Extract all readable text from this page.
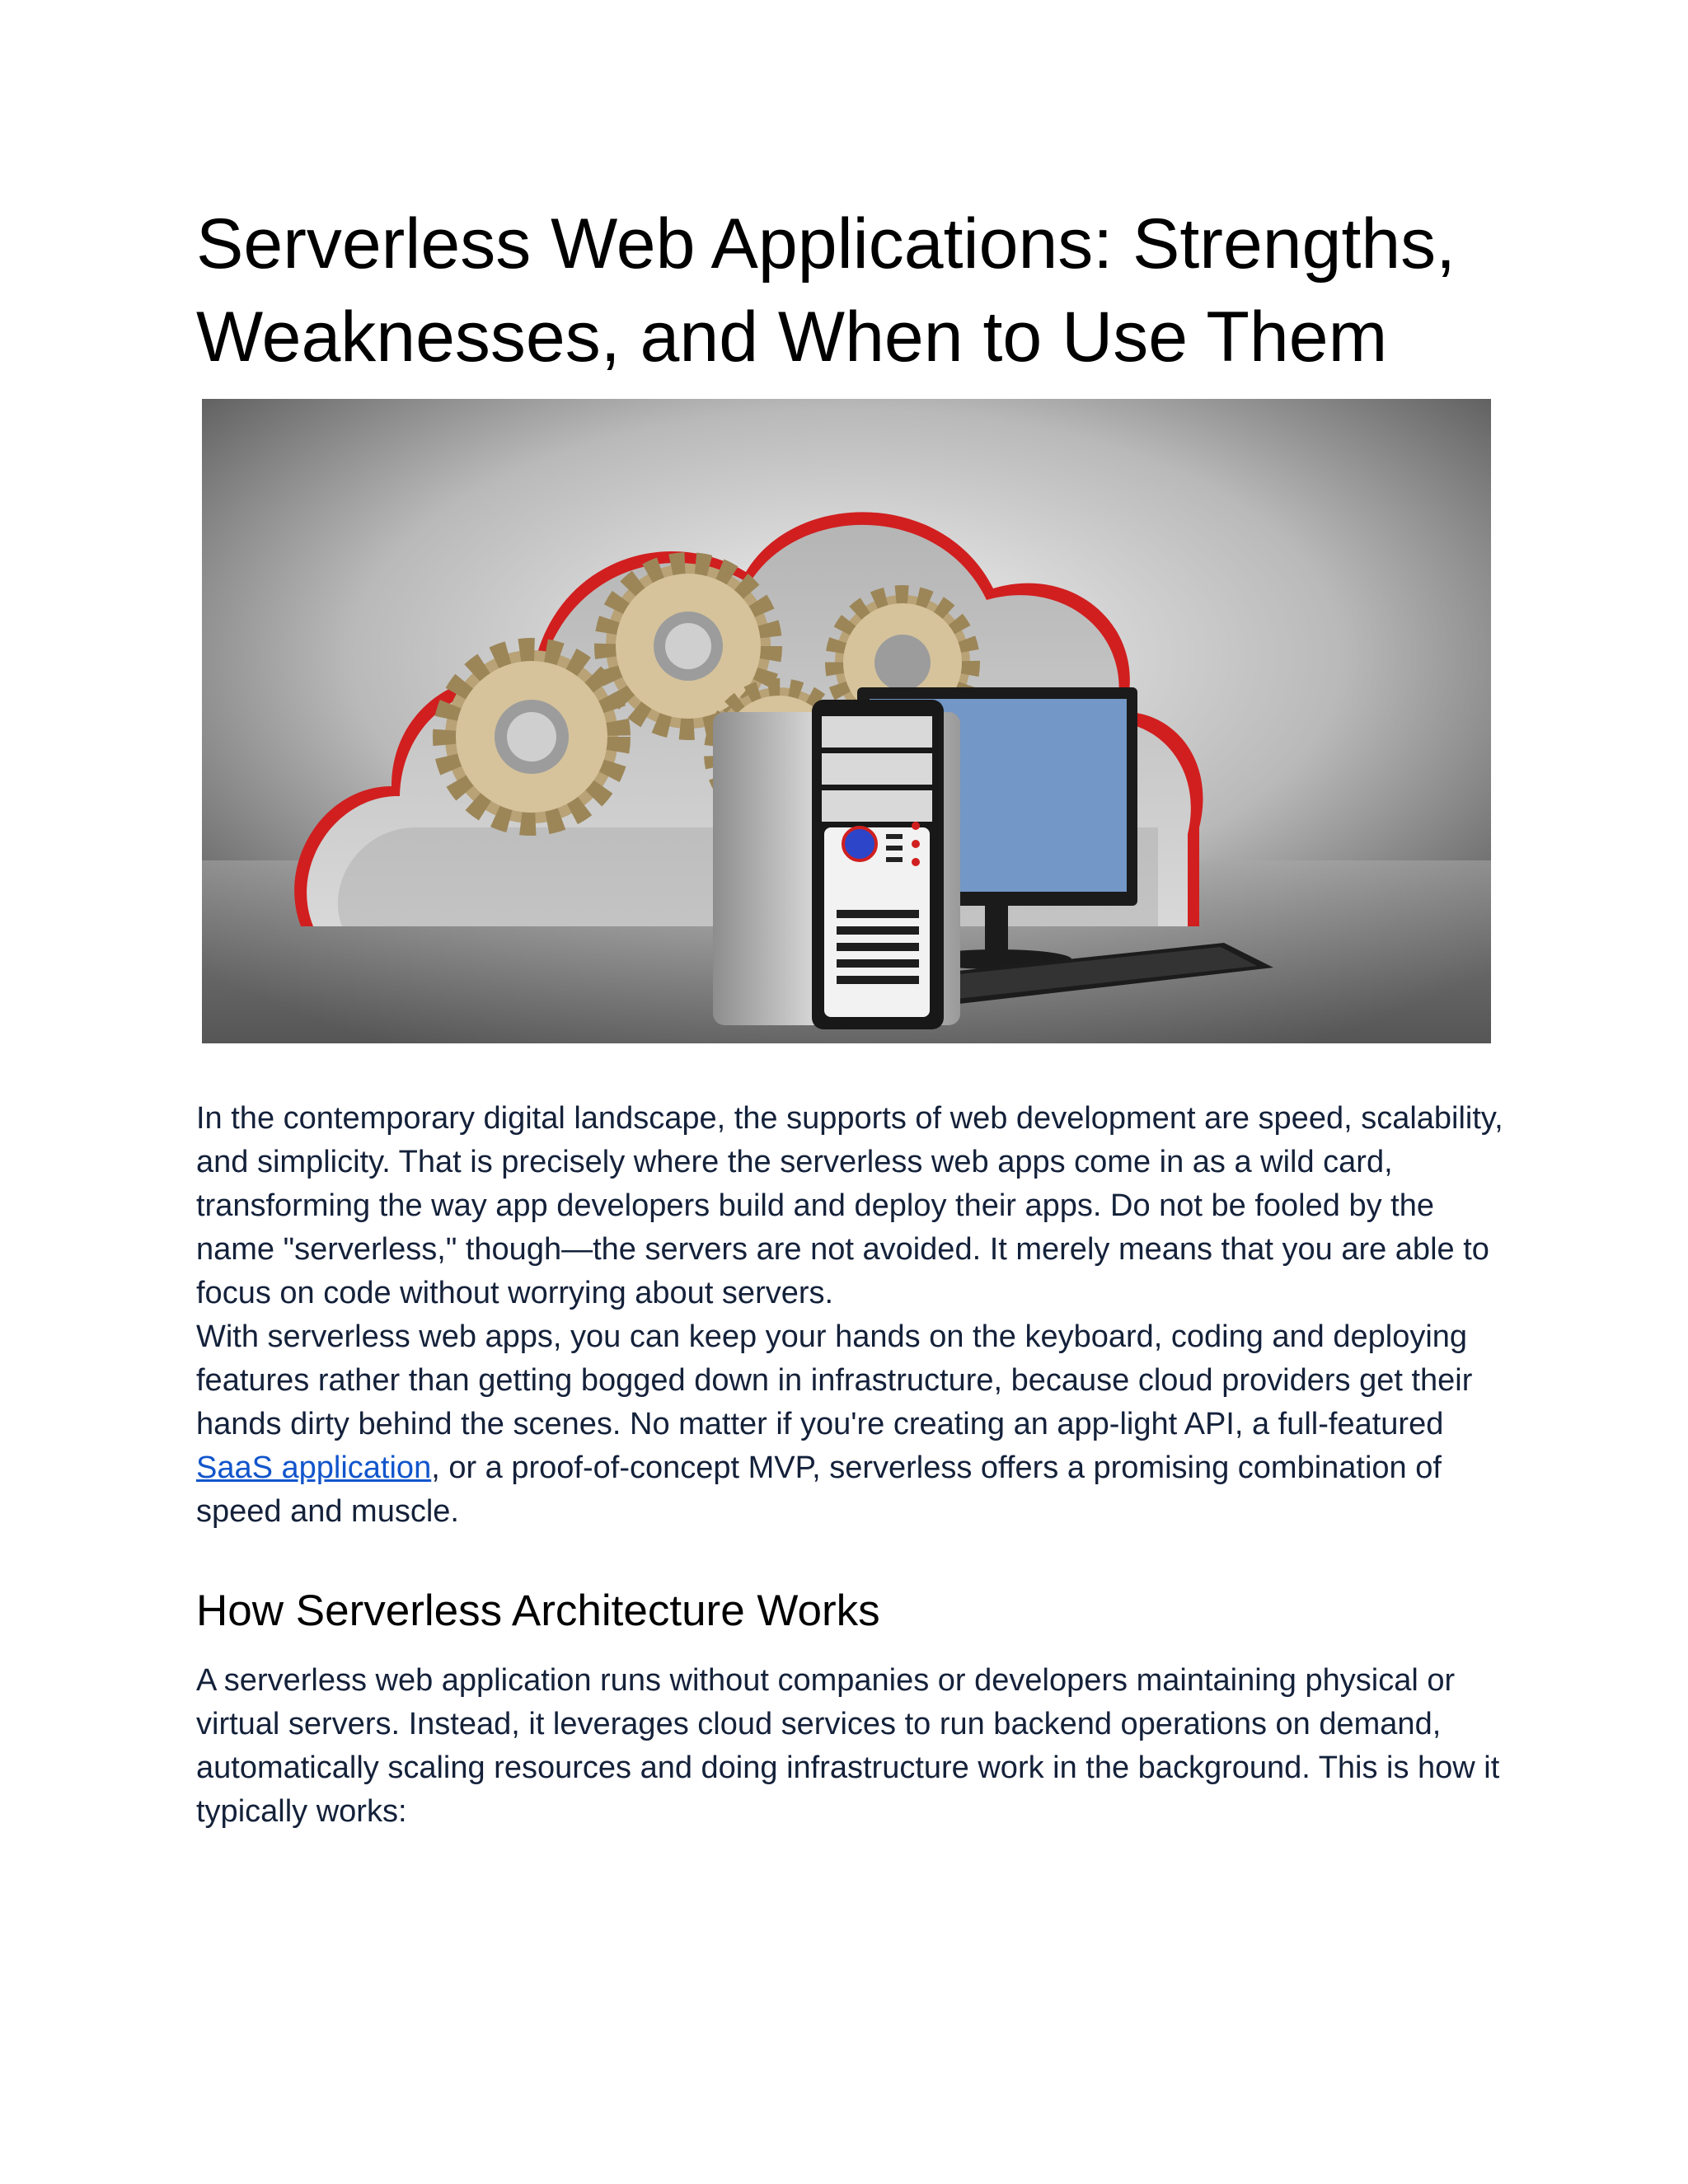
Serverless Web Applications: Strengths, Weaknesses, and When to Use Them

In the contemporary digital landscape, the supports of web development are speed, scalability, and simplicity. That is precisely where the serverless web apps come in as a wild card, transforming the way app developers build and deploy their apps. Do not be fooled by the name "serverless," though—the servers are not avoided. It merely means that you are able to focus on code without worrying about servers.

With serverless web apps, you can keep your hands on the keyboard, coding and deploying features rather than getting bogged down in infrastructure, because cloud providers get their hands dirty behind the scenes. No matter if you're creating an app-light API, a full-featured SaaS application, or a proof-of-concept MVP, serverless offers a promising combination of speed and muscle.

How Serverless Architecture Works

A serverless web application runs without companies or developers maintaining physical or virtual servers. Instead, it leverages cloud services to run backend operations on demand, automatically scaling resources and doing infrastructure work in the background. This is how it typically works:
